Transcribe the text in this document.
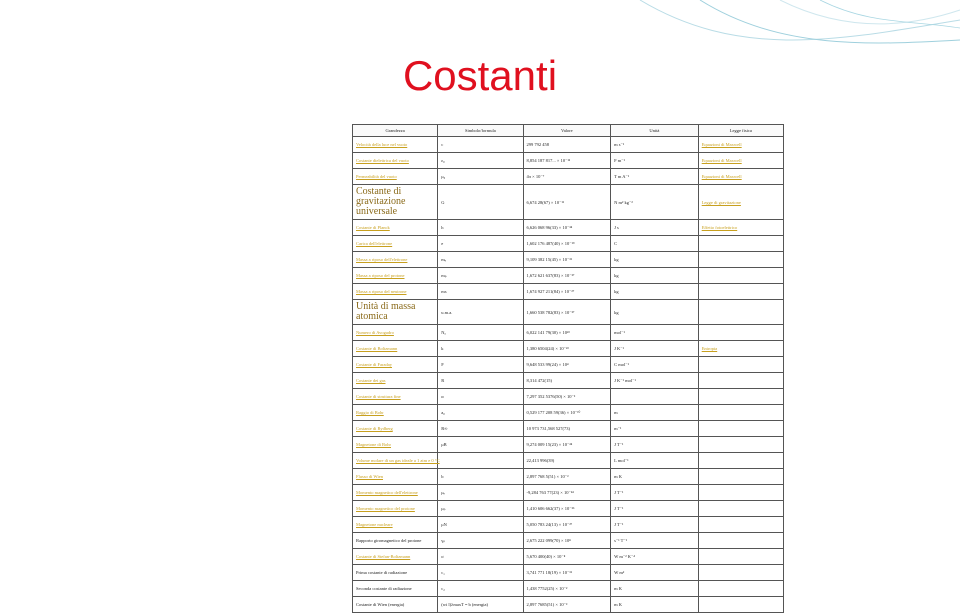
Costanti
Grandezza	Simbolo/formula	Valore	Unità	Legge fisica
Velocità della luce nel vuoto	c	299 792 458	m s⁻¹	Equazioni di Maxwell
Costante dielettrica del vuoto	ε₀	8,854 187 817... × 10⁻¹²	F m⁻¹	Equazioni di Maxwell
Permeabilità del vuoto	μ₀	4π × 10⁻⁷	T m A⁻¹	Equazioni di Maxwell
Costante di gravitazione universale	G	6,674 28(67) × 10⁻¹¹	N m² kg⁻²	Legge di gravitazione
Costante di Planck	h	6,626 068 96(33) × 10⁻³⁴	J s	Effetto fotoelettrico
Carica dell'elettrone	e	1,602 176 487(40) × 10⁻¹⁹	C	
Massa a riposo dell'elettrone	mₑ	9,109 382 15(45) × 10⁻³¹	kg	
Massa a riposo del protone	mₚ	1,672 621 637(83) × 10⁻²⁷	kg	
Massa a riposo del neutrone	mₙ	1,674 927 211(84) × 10⁻²⁷	kg	
Unità di massa atomica	u.m.a.	1,660 538 782(83) × 10⁻²⁷	kg	
Numero di Avogadro	Nₐ	6,022 141 79(30) × 10²³	mol⁻¹	
Costante di Boltzmann	k	1,380 6504(24) × 10⁻²³	J K⁻¹	Entropia
Costante di Faraday	F	9,648 533 99(24) × 10⁴	C mol⁻¹	
Costante dei gas	R	8,314 472(15)	J K⁻¹ mol⁻¹	
Costante di struttura fine	α	7,297 352 5376(50) × 10⁻³		
Raggio di Bohr	a₀	0,529 177 208 59(36) × 10⁻¹⁰	m	
Costante di Rydberg	R∞	10 973 731,568 527(73)	m⁻¹	
Magnetone di Bohr	μB	9,274 009 15(23) × 10⁻²⁴	J T⁻¹	
Volume molare di un gas ideale a 1 atm e 0 °C		22,413 996(39)	L mol⁻¹	
Flusso di Wien	b	2,897 768 5(51) × 10⁻³	m K	
Momento magnetico dell'elettrone	μₑ	-9,284 763 77(23) × 10⁻²⁴	J T⁻¹	
Momento magnetico del protone	μₚ	1,410 606 662(37) × 10⁻²⁶	J T⁻¹	
Magnetone nucleare	μN	5,050 783 24(13) × 10⁻²⁷	J T⁻¹	
Rapporto giromagnetico del protone	γₚ	2,675 222 099(70) × 10⁸	s⁻¹ T⁻¹	
Costante di Stefan-Boltzmann	σ	5,670 400(40) × 10⁻⁸	W m⁻² K⁻⁴	
Prima costante di radiazione	c₁	3,741 771 18(19) × 10⁻¹⁶	W m²	
Seconda costante di radiazione	c₂	1,438 7752(25) × 10⁻²	m K	
Costante di Wien (energia)	(wi l)λmaxT = b (energia)	2,897 7685(51) × 10⁻³	m K	
